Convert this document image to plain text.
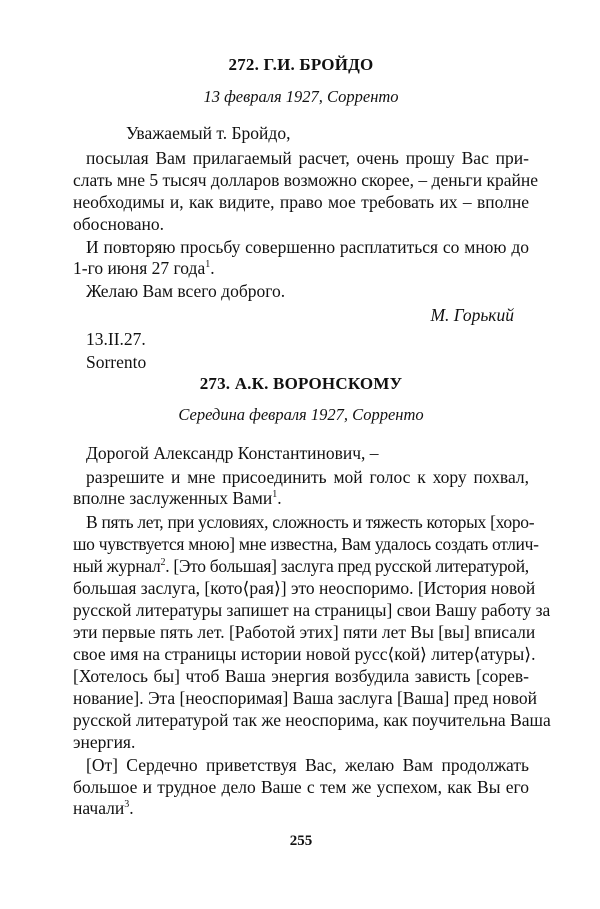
272. Г.И. БРОЙДО
13 февраля 1927, Сорренто
Уважаемый т. Бройдо,
посылая Вам прилагаемый расчет, очень прошу Вас при-
слать мне 5 тысяч долларов возможно скорее, – деньги крайне
необходимы и, как видите, право мое требовать их – вполне
обосновано.
И повторяю просьбу совершенно расплатиться со мною до
1-го июня 27 года$^1$.
Желаю Вам всего доброго.
М. Горький
13.II.27.
Sorrento
273. А.К. ВОРОНСКОМУ
Середина февраля 1927, Сорренто
Дорогой Александр Константинович, –
разрешите и мне присоединить мой голос к хору похвал,
вполне заслуженных Вами$^1$.
В пять лет, при условиях, сложность и тяжесть которых [хоро-
шо чувствуется мною] мне известна, Вам удалось создать отлич-
ный журнал$^2$. [Это большая] заслуга пред русской литературой,
большая заслуга, [кото⟨рая⟩] это неоспоримо. [История новой
русской литературы запишет на страницы] свои Вашу работу за
эти первые пять лет. [Работой этих] пяти лет Вы [вы] вписали
свое имя на страницы истории новой русс⟨кой⟩ литер⟨атуры⟩.
[Хотелось бы] чтоб Ваша энергия возбудила зависть [сорев-
нование]. Эта [неоспоримая] Ваша заслуга [Ваша] пред новой
русской литературой так же неоспорима, как поучительна Ваша
энергия.
[От] Сердечно приветствуя Вас, желаю Вам продолжать
большое и трудное дело Ваше с тем же успехом, как Вы его
начали$^3$.
255
